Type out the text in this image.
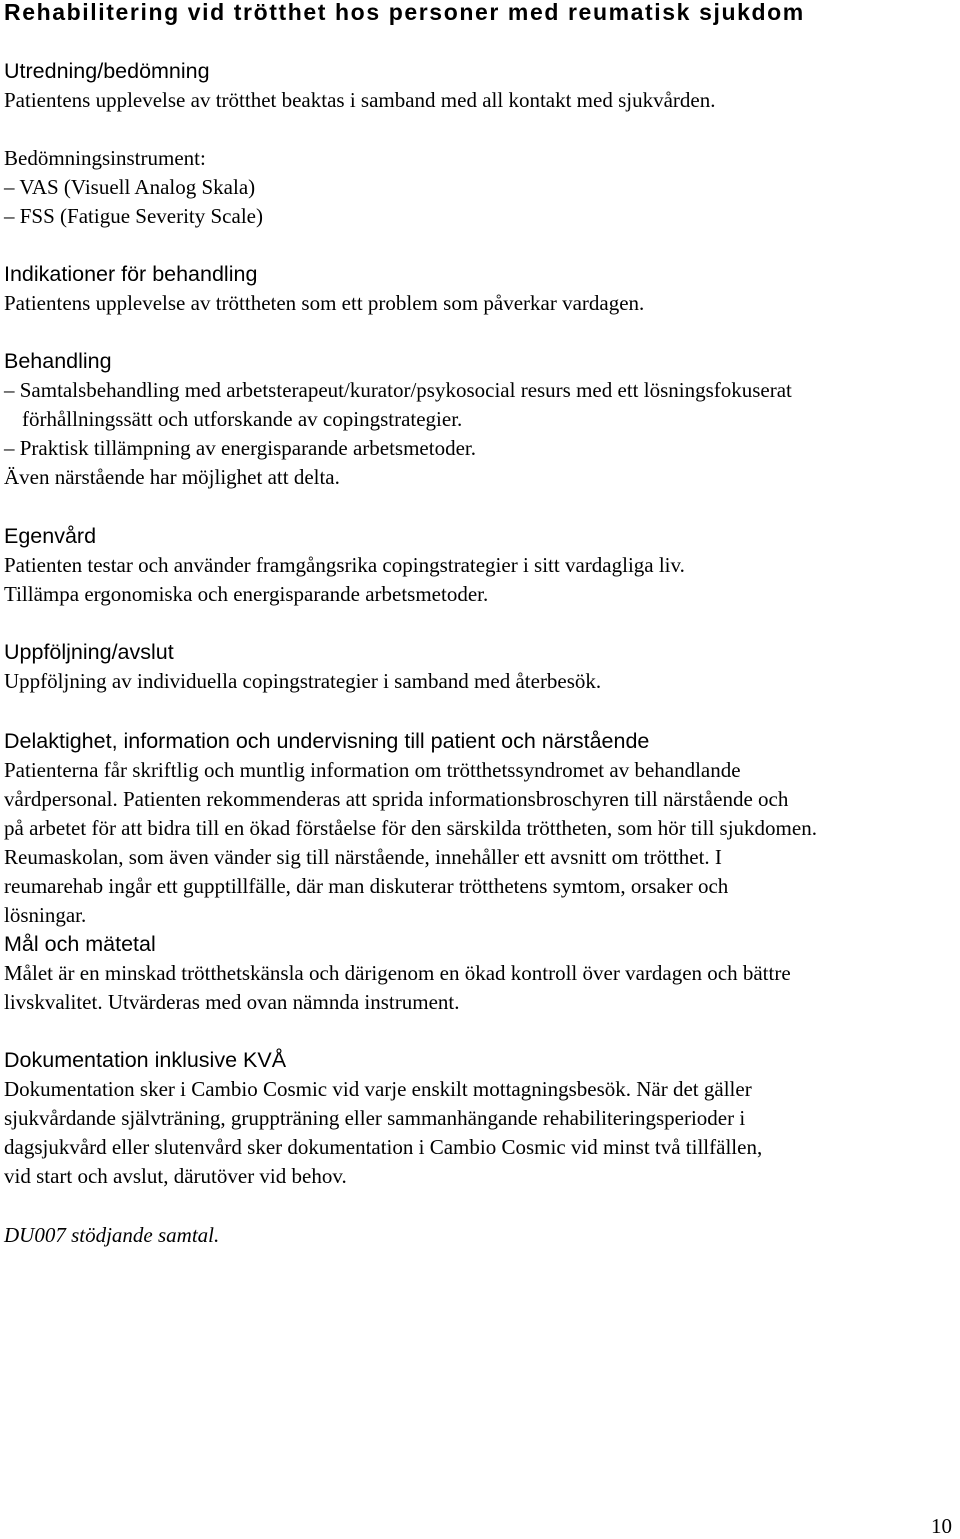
Rehabilitering vid trötthet hos personer med reumatisk sjukdom
Utredning/bedömning

Patientens upplevelse av trötthet beaktas i samband med all kontakt med sjukvården.

Bedömningsinstrument:

– VAS (Visuell Analog Skala)

– FSS (Fatigue Severity Scale)

Indikationer för behandling

Patientens upplevelse av tröttheten som ett problem som påverkar vardagen.

Behandling

– Samtalsbehandling med arbetsterapeut/kurator/psykosocial resurs med ett lösningsfokuserat

förhållningssätt och utforskande av copingstrategier.

– Praktisk tillämpning av energisparande arbetsmetoder.

Även närstående har möjlighet att delta.

Egenvård

Patienten testar och använder framgångsrika copingstrategier i sitt vardagliga liv.

Tillämpa ergonomiska och energisparande arbetsmetoder.

Uppföljning/avslut

Uppföljning av individuella copingstrategier i samband med återbesök.

Delaktighet, information och undervisning till patient och närstående

Patienterna får skriftlig och muntlig information om trötthetssyndromet av behandlande

vårdpersonal. Patienten rekommenderas att sprida informationsbroschyren till närstående och

på arbetet för att bidra till en ökad förståelse för den särskilda tröttheten, som hör till sjukdomen.

Reumaskolan, som även vänder sig till närstående, innehåller ett avsnitt om trötthet. I

reumarehab ingår ett gupptillfälle, där man diskuterar trötthetens symtom, orsaker och

lösningar.

Mål och mätetal

Målet är en minskad trötthetskänsla och därigenom en ökad kontroll över vardagen och bättre

livskvalitet. Utvärderas med ovan nämnda instrument.

Dokumentation inklusive KVÅ

Dokumentation sker i Cambio Cosmic vid varje enskilt mottagningsbesök. När det gäller

sjukvårdande självträning, gruppträning eller sammanhängande rehabiliteringsperioder i

dagsjukvård eller slutenvård sker dokumentation i Cambio Cosmic vid minst två tillfällen,

vid start och avslut, därutöver vid behov.

DU007 stödjande samtal.

10
